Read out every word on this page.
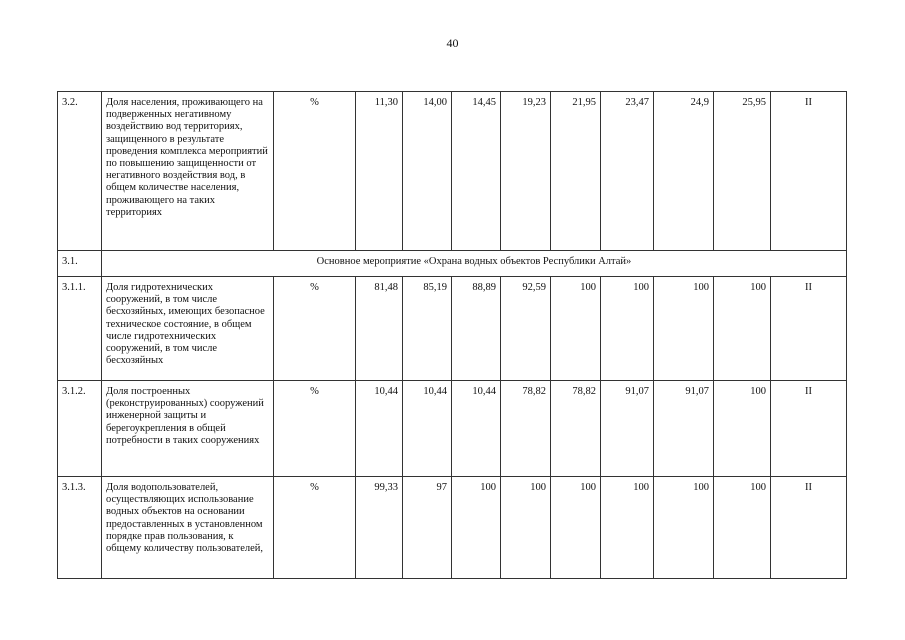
40
3.2.	Доля населения, проживающего на подверженных негативному воздействию вод территориях, защищенного в результате проведения комплекса мероприятий по повышению защищенности от негативного воздействия вод, в общем количестве населения, проживающего на таких территориях	%	11,30	14,00	14,45	19,23	21,95	23,47	24,9	25,95	II
3.1.	Основное мероприятие «Охрана водных объектов Республики Алтай»										
3.1.1.	Доля гидротехнических сооружений, в том числе бесхозяйных, имеющих безопасное техническое состояние, в общем числе гидротехнических сооружений, в том числе бесхозяйных	%	81,48	85,19	88,89	92,59	100	100	100	100	II
3.1.2.	Доля построенных (реконструированных) сооружений инженерной защиты и берегоукрепления в общей потребности в таких сооружениях	%	10,44	10,44	10,44	78,82	78,82	91,07	91,07	100	II
3.1.3.	Доля водопользователей, осуществляющих использование водных объектов на основании предоставленных в установленном порядке прав пользования, к общему количеству пользователей,	%	99,33	97	100	100	100	100	100	100	II
